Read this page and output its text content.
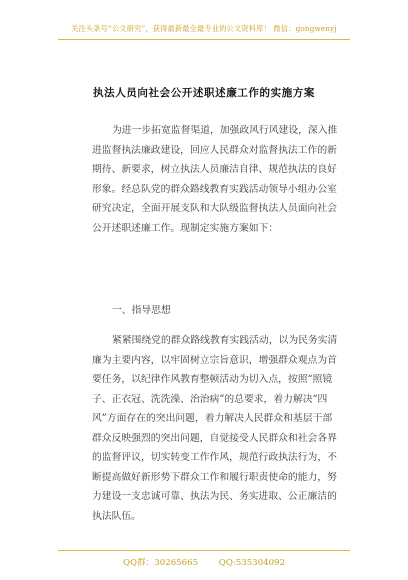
关注头条号“公文研究”，获得最新最全最专业的公文资料库！ 微信：gongwenyj
执法人员向社会公开述职述廉工作的实施方案
为进一步拓宽监督渠道，加强政风行风建设，深入推
进监督执法廉政建设，回应人民群众对监督执法工作的新
期待、新要求，树立执法人员廉洁自律、规范执法的良好
形象。经总队党的群众路线教育实践活动领导小组办公室
研究决定，全面开展支队和大队级监督执法人员面向社会
公开述职述廉工作。现制定实施方案如下：
一、指导思想
紧紧围绕党的群众路线教育实践活动，以为民务实清
廉为主要内容，以牢固树立宗旨意识，增强群众观点为首
要任务，以纪律作风教育整顿活动为切入点，按照“照镜
子、正衣冠、洗洗澡、治治病”的总要求，着力解决“四
风”方面存在的突出问题，着力解决人民群众和基层干部
群众反映强烈的突出问题，自觉接受人民群众和社会各界
的监督评议，切实转变工作作风，规范行政执法行为，不
断提高做好新形势下群众工作和履行职责使命的能力，努
力建设一支忠诚可靠、执法为民、务实进取、公正廉洁的
执法队伍。
QQ群：30265665 QQ:535304092
